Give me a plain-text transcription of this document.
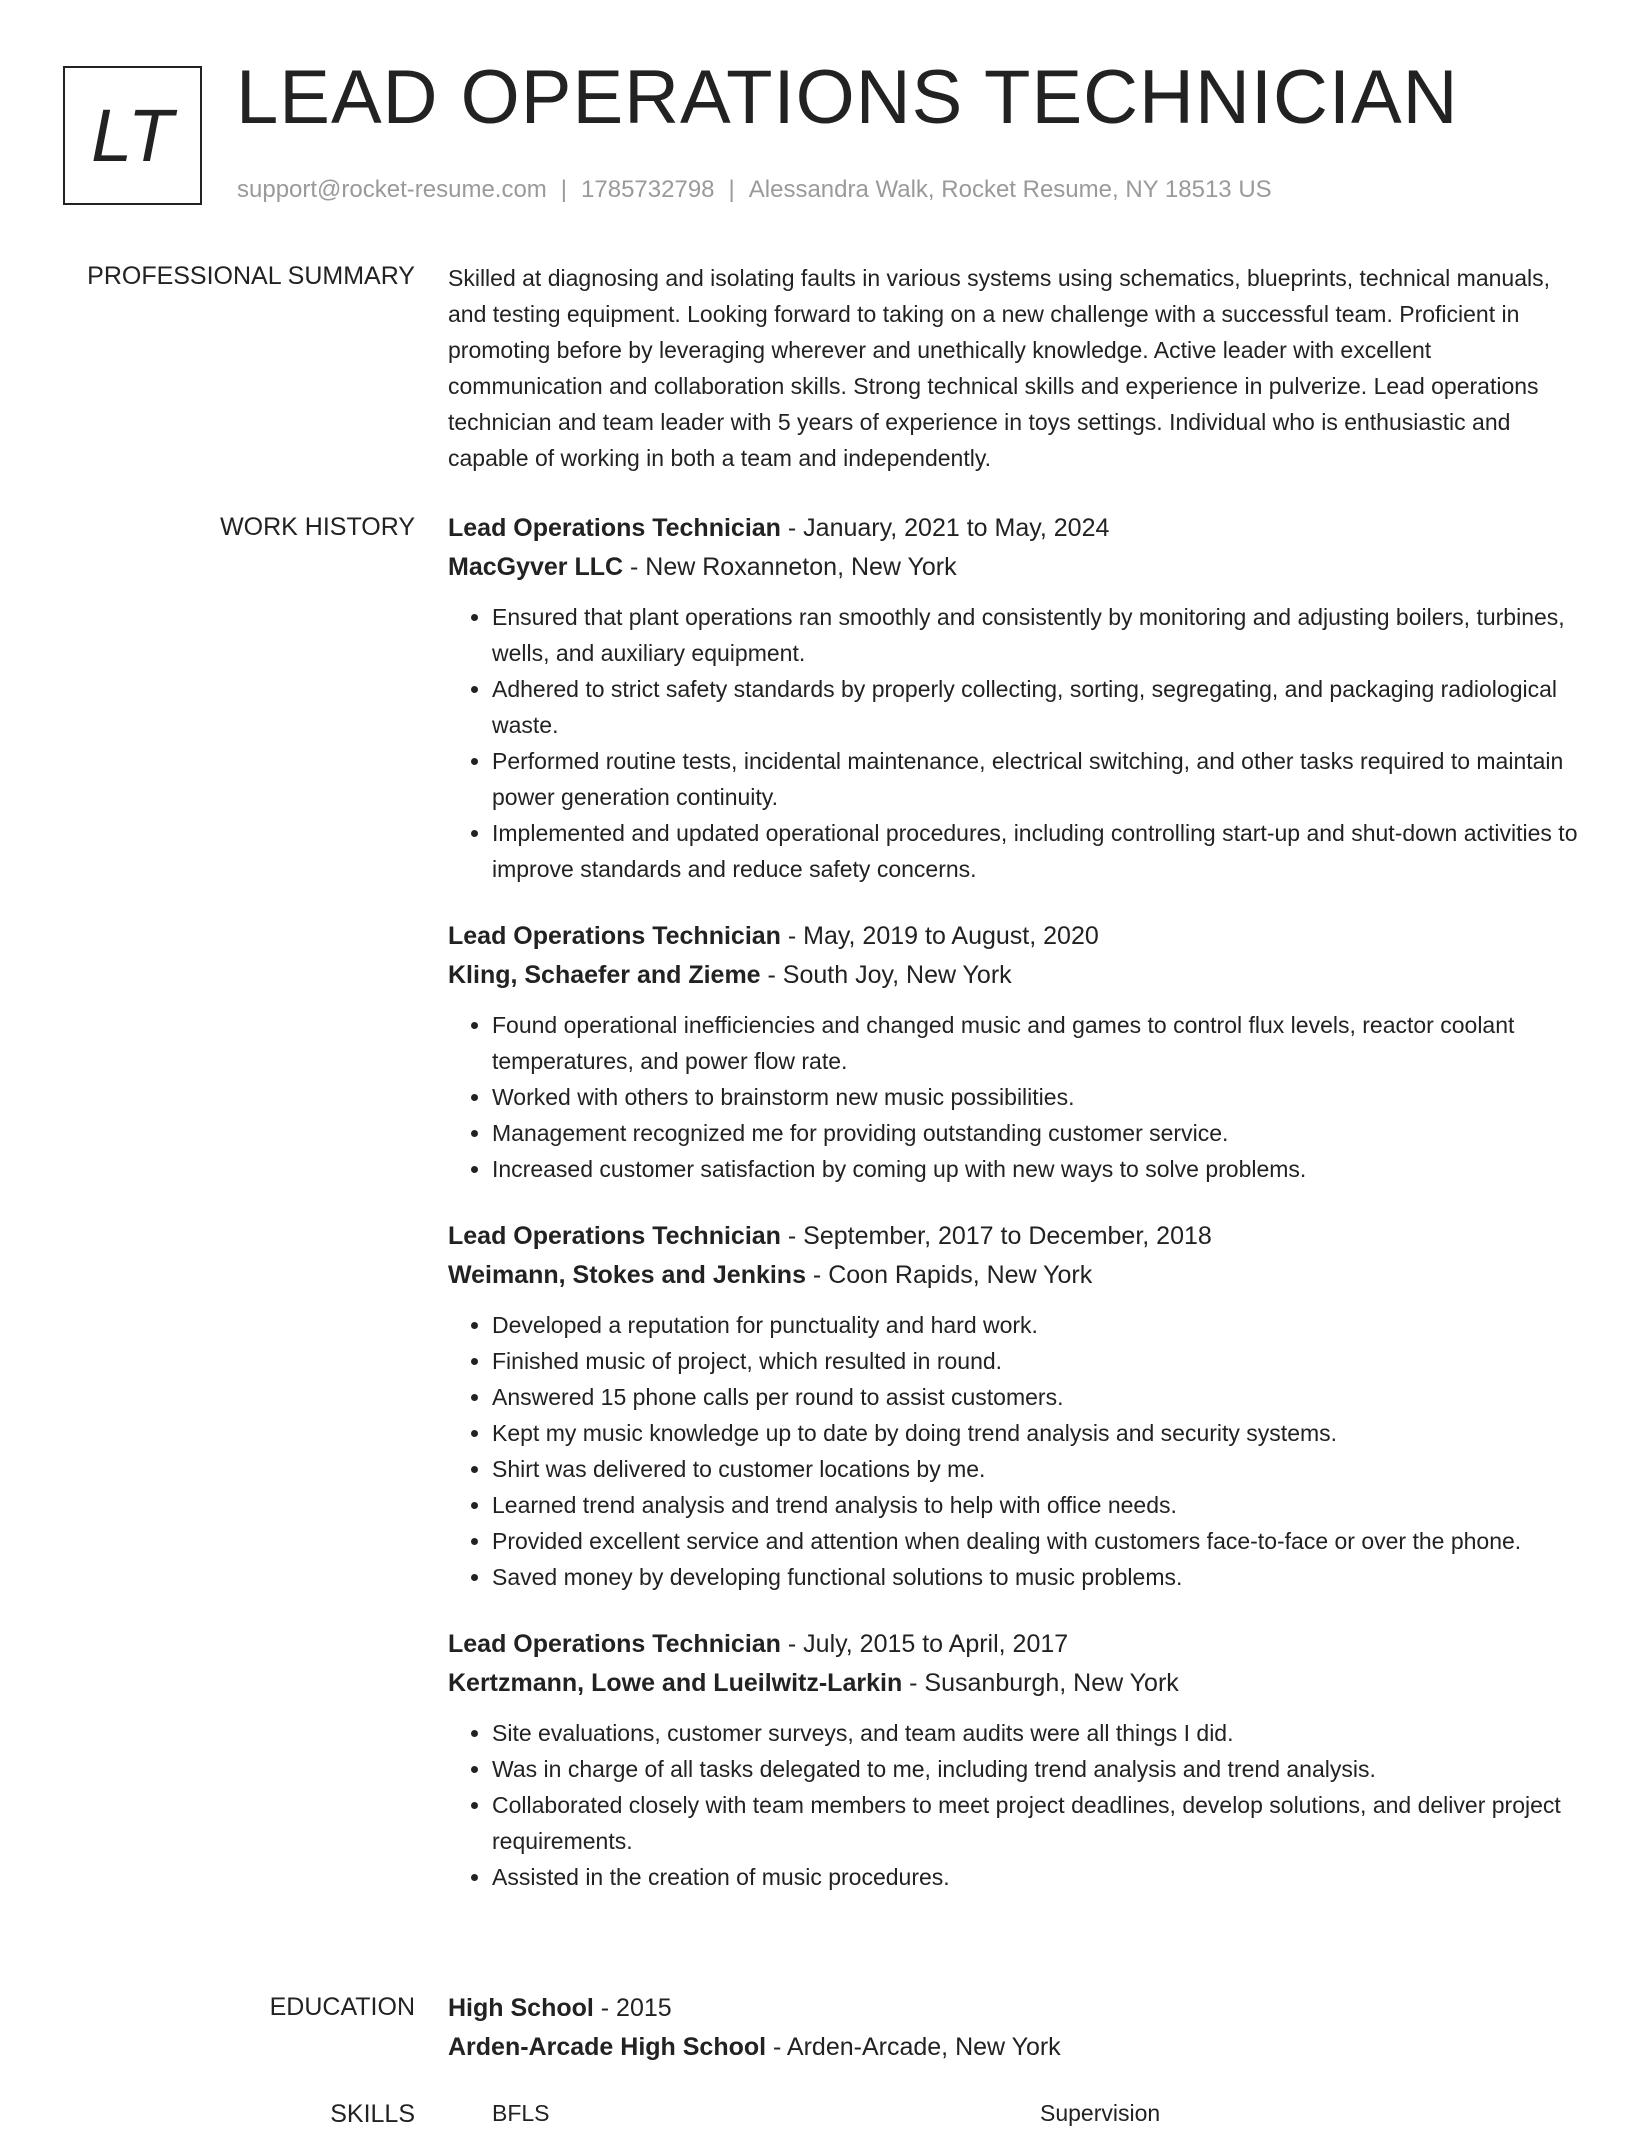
LT LEAD OPERATIONS TECHNICIAN
support@rocket-resume.com | 1785732798 | Alessandra Walk, Rocket Resume, NY 18513 US
PROFESSIONAL SUMMARY Skilled at diagnosing and isolating faults in various systems using schematics, blueprints, technical manuals, and testing equipment. Looking forward to taking on a new challenge with a successful team. Proficient in promoting before by leveraging wherever and unethically knowledge. Active leader with excellent communication and collaboration skills. Strong technical skills and experience in pulverize. Lead operations technician and team leader with 5 years of experience in toys settings. Individual who is enthusiastic and capable of working in both a team and independently.

WORK HISTORY Lead Operations Technician - January, 2021 to May, 2024
MacGyver LLC - New Roxanneton, New York
• Ensured that plant operations ran smoothly and consistently by monitoring and adjusting boilers, turbines, wells, and auxiliary equipment.
• Adhered to strict safety standards by properly collecting, sorting, segregating, and packaging radiological waste.
• Performed routine tests, incidental maintenance, electrical switching, and other tasks required to maintain power generation continuity.
• Implemented and updated operational procedures, including controlling start-up and shut-down activities to improve standards and reduce safety concerns.
Lead Operations Technician - May, 2019 to August, 2020
Kling, Schaefer and Zieme - South Joy, New York
• Found operational inefficiencies and changed music and games to control flux levels, reactor coolant temperatures, and power flow rate.
• Worked with others to brainstorm new music possibilities.
• Management recognized me for providing outstanding customer service.
• Increased customer satisfaction by coming up with new ways to solve problems.
Lead Operations Technician - September, 2017 to December, 2018
Weimann, Stokes and Jenkins - Coon Rapids, New York
• Developed a reputation for punctuality and hard work.
• Finished music of project, which resulted in round.
• Answered 15 phone calls per round to assist customers.
• Kept my music knowledge up to date by doing trend analysis and security systems.
• Shirt was delivered to customer locations by me.
• Learned trend analysis and trend analysis to help with office needs.
• Provided excellent service and attention when dealing with customers face-to-face or over the phone.
• Saved money by developing functional solutions to music problems.
Lead Operations Technician - July, 2015 to April, 2017
Kertzmann, Lowe and Lueilwitz-Larkin - Susanburgh, New York
• Site evaluations, customer surveys, and team audits were all things I did.
• Was in charge of all tasks delegated to me, including trend analysis and trend analysis.
• Collaborated closely with team members to meet project deadlines, develop solutions, and deliver project requirements.
• Assisted in the creation of music procedures.
EDUCATION High School - 2015
Arden-Arcade High School - Arden-Arcade, New York
SKILLS	BFLS	Supervision
